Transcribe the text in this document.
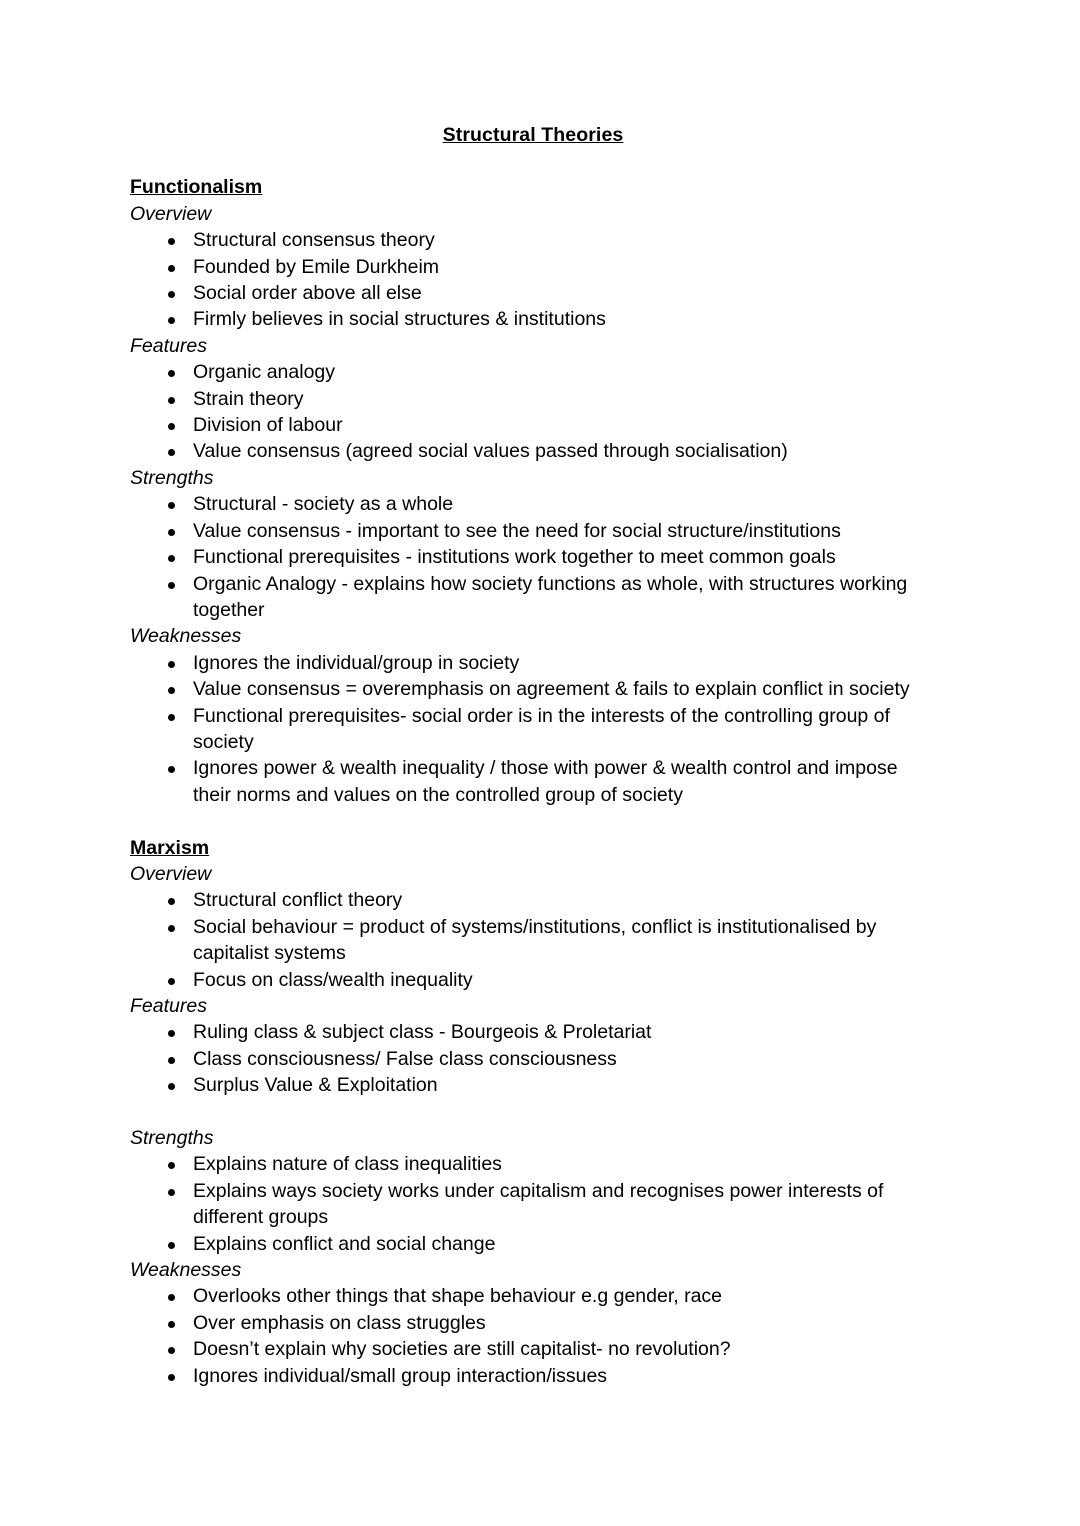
Structural Theories
Functionalism
Overview
Structural consensus theory
Founded by Emile Durkheim
Social order above all else
Firmly believes in social structures & institutions
Features
Organic analogy
Strain theory
Division of labour
Value consensus (agreed social values passed through socialisation)
Strengths
Structural - society as a whole
Value consensus - important to see the need for social structure/institutions
Functional prerequisites - institutions work together to meet common goals
Organic Analogy - explains how society functions as whole, with structures working together
Weaknesses
Ignores the individual/group in society
Value consensus = overemphasis on agreement & fails to explain conflict in society
Functional prerequisites- social order is in the interests of the controlling group of society
Ignores power & wealth inequality / those with power & wealth control and impose their norms and values on the controlled group of society
Marxism
Overview
Structural conflict theory
Social behaviour = product of systems/institutions, conflict is institutionalised by capitalist systems
Focus on class/wealth inequality
Features
Ruling class & subject class - Bourgeois & Proletariat
Class consciousness/ False class consciousness
Surplus Value & Exploitation
Strengths
Explains nature of class inequalities
Explains ways society works under capitalism and recognises power interests of different groups
Explains conflict and social change
Weaknesses
Overlooks other things that shape behaviour e.g gender, race
Over emphasis on class struggles
Doesn’t explain why societies are still capitalist- no revolution?
Ignores individual/small group interaction/issues
